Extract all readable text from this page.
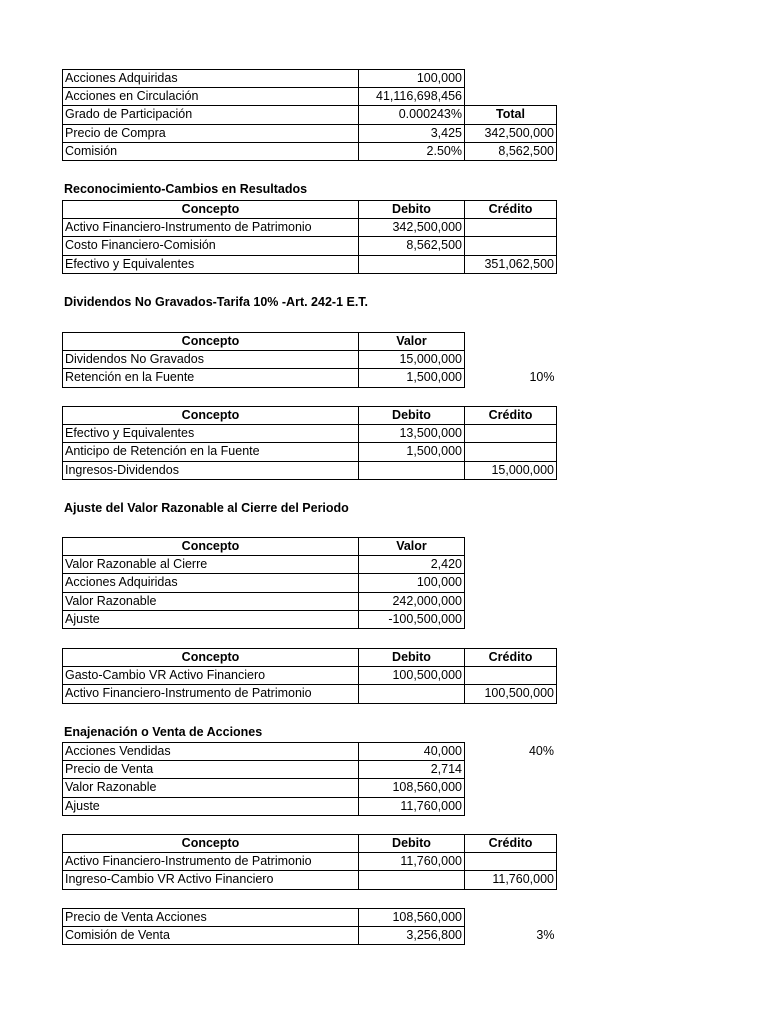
Acciones Adquiridas	100,000	
Acciones en Circulación	41,116,698,456	
Grado de Participación	0.000243%	Total
Precio de Compra	3,425	342,500,000
Comisión	2.50%	8,562,500
Reconocimiento-Cambios en Resultados
Concepto	Debito	Crédito
Activo Financiero-Instrumento de Patrimonio	342,500,000	
Costo Financiero-Comisión	8,562,500	
Efectivo y Equivalentes		351,062,500
Dividendos No Gravados-Tarifa 10% -Art. 242-1 E.T.
Concepto	Valor	
Dividendos No Gravados	15,000,000	
Retención en la Fuente	1,500,000	10%
Concepto	Debito	Crédito
Efectivo y Equivalentes	13,500,000	
Anticipo de Retención en la Fuente	1,500,000	
Ingresos-Dividendos		15,000,000
Ajuste del Valor Razonable al Cierre del Periodo
Concepto	Valor
Valor Razonable al Cierre	2,420
Acciones Adquiridas	100,000
Valor Razonable	242,000,000
Ajuste	-100,500,000
Concepto	Debito	Crédito
Gasto-Cambio VR Activo Financiero	100,500,000	
Activo Financiero-Instrumento de Patrimonio		100,500,000
Enajenación o Venta de Acciones
Acciones Vendidas	40,000	40%
Precio de Venta	2,714	
Valor Razonable	108,560,000	
Ajuste	11,760,000	
Concepto	Debito	Crédito
Activo Financiero-Instrumento de Patrimonio	11,760,000	
Ingreso-Cambio VR Activo Financiero		11,760,000
Precio de Venta Acciones	108,560,000	
Comisión de Venta	3,256,800	3%
